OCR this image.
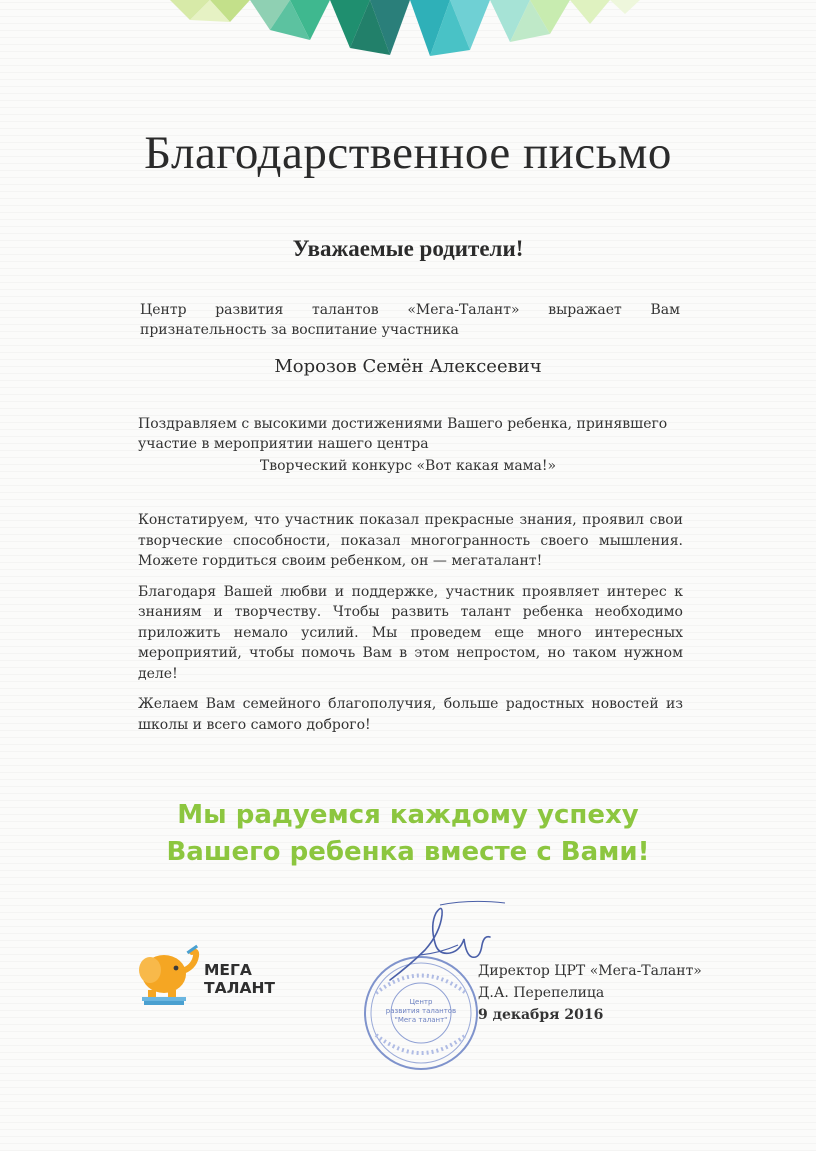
Благодарственное письмо
Уважаемые родители!
Центр развития талантов «Мега-Талант» выражает Вам признательность за воспитание участника
Морозов Семён Алексеевич
Поздравляем с высокими достижениями Вашего ребенка, принявшего участие в мероприятии нашего центра
Творческий конкурс «Вот какая мама!»

Констатируем, что участник показал прекрасные знания, проявил свои творческие способности, показал многогранность своего мышления. Можете гордиться своим ребенком, он — мегаталант!

Благодаря Вашей любви и поддержке, участник проявляет интерес к знаниям и творчеству. Чтобы развить талант ребенка необходимо приложить немало усилий. Мы проведем еще много интересных мероприятий, чтобы помочь Вам в этом непростом, но таком нужном деле!

Желаем Вам семейного благополучия, больше радостных новостей из школы и всего самого доброго!

Мы радуемся каждому успеху
Вашего ребенка вместе с Вами!
МЕГА
ТАЛАНТ
Центр
развития талантов
"Мега талант"
Директор ЦРТ «Мега-Талант»
Д.А. Перепелица
9 декабря 2016
